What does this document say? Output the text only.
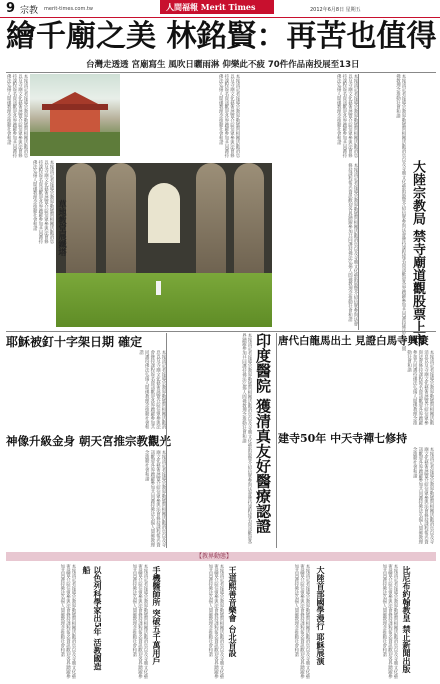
9 宗教 merit-times.com.tw	人間福報 Merit Times	2012年6月8日 星期五
繪千廟之美 林銘賢：再苦也值得
台灣走透透 宮廟寫生 風吹日曬雨淋 仰樂此不疲 70件作品南投展至13日
本報訊記者報導宗教界動態與相關活動消息以及寺廟文化藝術展覽介紹信眾參與法會修持課程報名資訊歡迎各界踴躍參加共同護持佛法弘揚人間佛教理念推動社會和諧	本報訊記者報導宗教界動態與相關活動消息以及寺廟文化藝術展覽介紹信眾參與法會修持課程報名資訊歡迎各界踴躍參加共同護持佛法弘揚人間佛教理念推動社會和諧	本報訊記者報導宗教界動態與相關活動消息以及寺廟文化藝術展覽介紹信眾參與法會修持課程報名資訊歡迎各界踴躍參加共同護持佛法弘揚人間佛教理念推動社會和諧
本報訊記者報導宗教界動態與相關活動消息以及寺廟文化藝術展覽介紹信眾參與法會修持課程報名資訊歡迎各界踴躍參加共同護持佛法弘揚人間佛教理念推動社會和諧	大陸宗教局 禁寺廟道觀股票上市
本報訊記者報導宗教界動態與相關活動消息以及寺廟文化藝術展覽介紹信眾參與法會修持課程報名資訊歡迎各界踴躍參加共同護持佛法弘揚人間佛教理念推動社會和諧
草地教堂展鐵塔	本報訊記者報導宗教界動態與相關活動消息以及寺廟文化藝術展覽介紹信眾參與法會修持課程報名資訊歡迎各界踴躍參加共同護持佛法弘揚人間佛教理念推動社會和諧
耶穌被釘十字架日期 確定
本報訊記者報導宗教界動態與相關活動消息以及寺廟文化藝術展覽介紹信眾參與法會修持課程報名資訊歡迎各界踴躍參加共同護持佛法弘揚人間佛教理念推動社會和諧
神像升級金身 朝天宮推宗教觀光
本報訊記者報導宗教界動態與相關活動消息以及寺廟文化藝術展覽介紹信眾參與法會修持課程報名資訊歡迎各界踴躍參加共同護持佛法弘揚人間佛教理念推動社會和諧	本報訊記者報導宗教界動態與相關活動消息以及寺廟文化藝術展覽介紹信眾參與法會修持課程報名資訊歡迎各界踴躍參加共同護持佛法弘揚人間佛教理念推動社會和諧 印度醫院 獲清真友好醫療認證 唐代白龍馬出土 見證白馬寺興衰
本報訊記者報導宗教界動態與相關活動消息以及寺廟文化藝術展覽介紹信眾參與法會修持課程報名資訊歡迎各界踴躍參加共同護持佛法弘揚人間佛教理念推動社會和諧
建寺50年 中天寺禪七修持
本報訊記者報導宗教界動態與相關活動消息以及寺廟文化藝術展覽介紹信眾參與法會修持課程報名資訊歡迎各界踴躍參加共同護持佛法弘揚人間佛教理念推動社會和諧
【教界動態】
本報訊記者報導宗教界動態與相關活動消息以及寺廟文化藝術展覽介紹信眾參與法會修持課程報名資訊歡迎各界踴躍參加共同護持佛法弘揚人間佛教理念推動社會和諧	以色列科學家出5年 活教國造船	本報訊記者報導宗教界動態與相關活動消息以及寺廟文化藝術展覽介紹信眾參與法會修持課程報名資訊歡迎各界踴躍參加共同護持佛法弘揚人間佛教理念推動社會和諧	手機醫師所 突破五千萬用戶	本報訊記者報導宗教界動態與相關活動消息以及寺廟文化藝術展覽介紹信眾參與法會修持課程報名資訊歡迎各界踴躍參加共同護持佛法弘揚人間佛教理念推動社會和諧	王道熙善音樂會 台北首設	本報訊記者報導宗教界動態與相關活動消息以及寺廟文化藝術展覽介紹信眾參與法會修持課程報名資訊歡迎各界踴躍參加共同護持佛法弘揚人間佛教理念推動社會和諧	大陸首部國學漫行 耶穌展演	本報訊記者報導宗教界動態與相關活動消息以及寺廟文化藝術展覽介紹信眾參與法會修持課程報名資訊歡迎各界踴躍參加共同護持佛法弘揚人間佛教理念推動社會和諧	比尼布約翰教皇 禁止新聞出版
